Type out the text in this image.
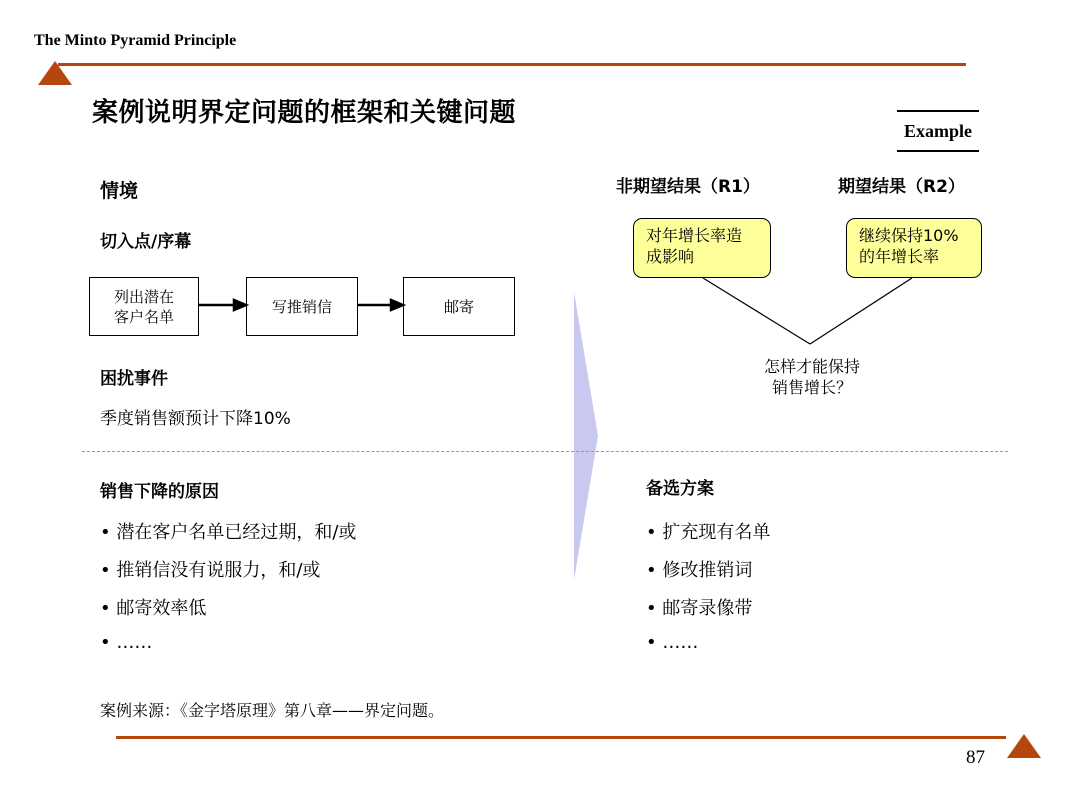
The Minto Pyramid Principle
案例说明界定问题的框架和关键问题
Example
情境
切入点/序幕
列出潜在
客户名单
写推销信	邮寄
困扰事件
季度销售额预计下降10%
非期望结果（R1）	期望结果（R2）
对年增长率造
成影响
继续保持10%
的年增长率
怎样才能保持
销售增长？
销售下降的原因
• 潜在客户名单已经过期，和/或
• 推销信没有说服力，和/或
• 邮寄效率低
• ……
备选方案
• 扩充现有名单
• 修改推销词
• 邮寄录像带
• ……
案例来源：《金字塔原理》第八章——界定问题。
87
